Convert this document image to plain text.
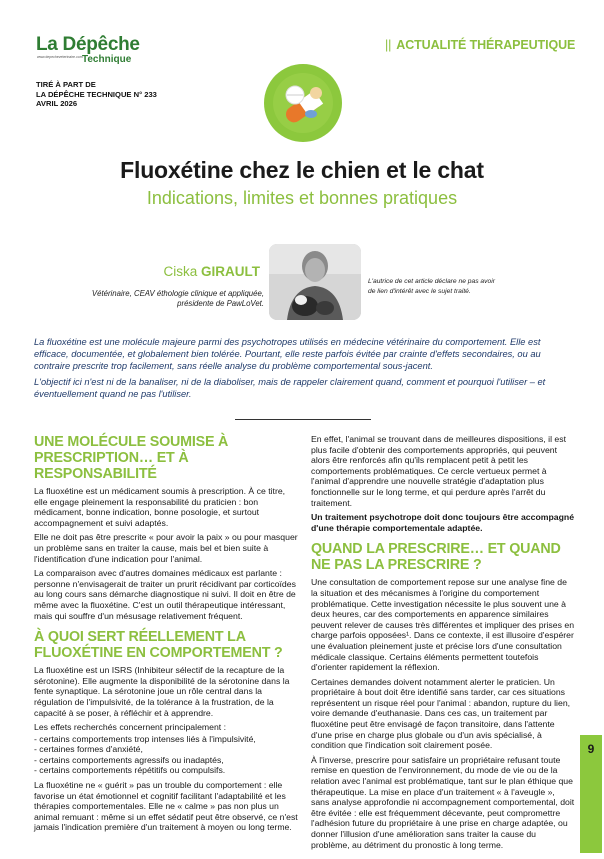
La Dépêche
www.depecheveterinaire.com Technique
|| ACTUALITÉ THÉRAPEUTIQUE
TIRÉ À PART DE
LA DÉPÊCHE TECHNIQUE N° 233
AVRIL 2026
Fluoxétine chez le chien et le chat
Indications, limites et bonnes pratiques
Ciska GIRAULT
Vétérinaire, CEAV éthologie clinique et appliquée,
présidente de PawLoVet.
L'autrice de cet article déclare ne pas avoir
de lien d'intérêt avec le sujet traité.

La fluoxétine est une molécule majeure parmi des psychotropes utilisés en médecine vétérinaire du comportement. Elle est efficace, documentée, et globalement bien tolérée. Pourtant, elle reste parfois évitée par crainte d'effets secondaires, ou au contraire prescrite trop facilement, sans réelle analyse du problème comportemental sous-jacent.

L'objectif ici n'est ni de la banaliser, ni de la diaboliser, mais de rappeler clairement quand, comment et pourquoi l'utiliser – et éventuellement quand ne pas l'utiliser.

UNE MOLÉCULE SOUMISE À PRESCRIPTION… ET À RESPONSABILITÉ

La fluoxétine est un médicament soumis à prescription. À ce titre, elle engage pleinement la responsabilité du praticien : bon médicament, bonne indication, bonne posologie, et surtout accompagnement et suivi adaptés.

Elle ne doit pas être prescrite « pour avoir la paix » ou pour masquer un problème sans en traiter la cause, mais bel et bien suite à l'identification d'une indication pour l'animal.

La comparaison avec d'autres domaines médicaux est parlante : personne n'envisagerait de traiter un prurit récidivant par corticoïdes au long cours sans démarche diagnostique ni suivi. Il doit en être de même avec la fluoxétine. C'est un outil thérapeutique intéressant, mais qui souffre d'un mésusage relativement fréquent.

À QUOI SERT RÉELLEMENT LA FLUOXÉTINE EN COMPORTEMENT ?

La fluoxétine est un ISRS (Inhibiteur sélectif de la recapture de la sérotonine). Elle augmente la disponibilité de la sérotonine dans la fente synaptique. La sérotonine joue un rôle central dans la régulation de l'impulsivité, de la tolérance à la frustration, de la capacité à se poser, à réfléchir et à apprendre.

Les effets recherchés concernent principalement :

- certains comportements trop intenses liés à l'impulsivité,
- certaines formes d'anxiété,
- certains comportements agressifs ou inadaptés,
- certains comportements répétitifs ou compulsifs.

La fluoxétine ne « guérit » pas un trouble du comportement : elle favorise un état émotionnel et cognitif facilitant l'adaptabilité et les thérapies comportementales. Elle ne « calme » pas non plus un animal remuant : même si un effet sédatif peut être observé, ce n'est jamais l'indication première d'un traitement à moyen ou long terme.

En effet, l'animal se trouvant dans de meilleures dispositions, il est plus facile d'obtenir des comportements appropriés, qui peuvent alors être renforcés afin qu'ils remplacent petit à petit les comportements problématiques. Ce cercle vertueux permet à l'animal d'apprendre une nouvelle stratégie d'adaptation plus fonctionnelle sur le long terme, et qui perdure après l'arrêt du traitement.

Un traitement psychotrope doit donc toujours être accompagné d'une thérapie comportementale adaptée.

QUAND LA PRESCRIRE… ET QUAND NE PAS LA PRESCRIRE ?

Une consultation de comportement repose sur une analyse fine de la situation et des mécanismes à l'origine du comportement problématique. Cette investigation nécessite le plus souvent une à deux heures, car des comportements en apparence similaires peuvent relever de causes très différentes et impliquer des prises en charge parfois opposées¹. Dans ce contexte, il est illusoire d'espérer une évaluation pleinement juste et précise lors d'une consultation médicale classique. Certains éléments permettent toutefois d'orienter rapidement la réflexion.

Certaines demandes doivent notamment alerter le praticien. Un propriétaire à bout doit être identifié sans tarder, car ces situations représentent un risque réel pour l'animal : abandon, rupture du lien, voire demande d'euthanasie. Dans ces cas, un traitement par fluoxétine peut être envisagé de façon transitoire, dans l'attente d'une prise en charge plus globale ou d'un avis spécialisé, à condition que l'indication soit clairement posée.

À l'inverse, prescrire pour satisfaire un propriétaire refusant toute remise en question de l'environnement, du mode de vie ou de la relation avec l'animal est problématique, tant sur le plan éthique que thérapeutique. La mise en place d'un traitement « à l'aveugle », sans analyse approfondie ni accompagnement comportemental, doit être évitée : elle est fréquemment décevante, peut compromettre l'adhésion future du propriétaire à une prise en charge adaptée, ou donner l'illusion d'une amélioration sans traiter la cause du problème, au détriment du pronostic à long terme.

9
